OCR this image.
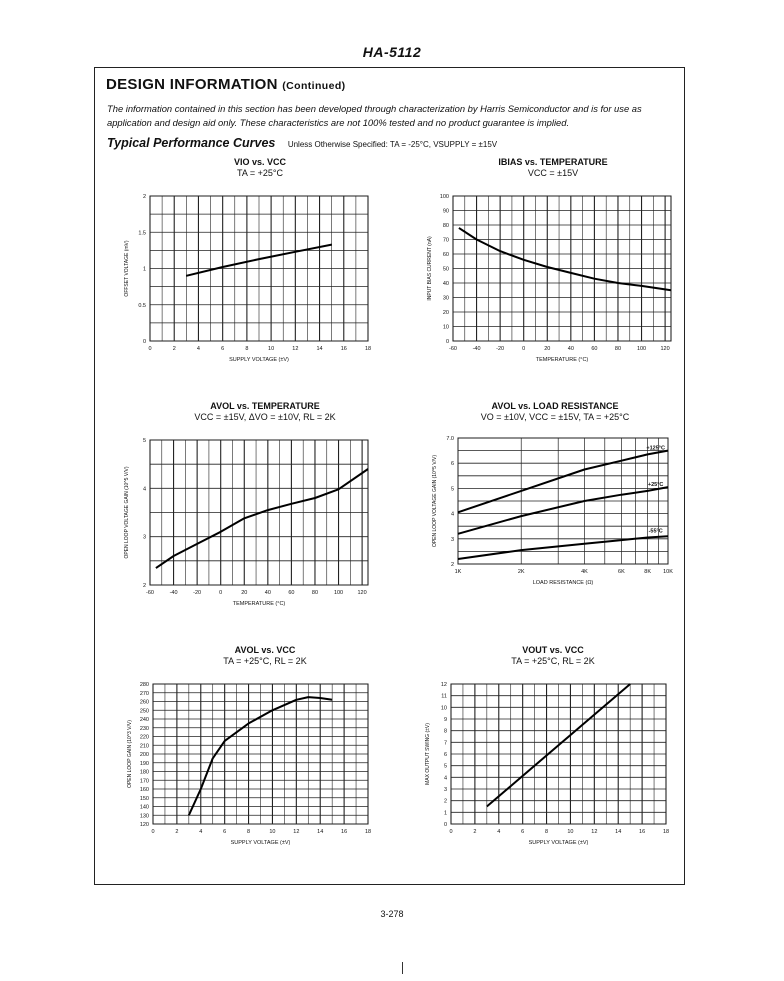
HA-5112
DESIGN INFORMATION (Continued)
The information contained in this section has been developed through characterization by Harris Semiconductor and is for use as application and design aid only. These characteristics are not 100% tested and no product guarantee is implied.
Typical Performance Curves Unless Otherwise Specified: TA = -25°C, VSUPPLY = ±15V
VIO vs. VCC
TA = +25°C
IBIAS vs. TEMPERATURE
VCC = ±15V
AVOL vs. TEMPERATURE
VCC = ±15V, ΔVO = ±10V, RL = 2K
AVOL vs. LOAD RESISTANCE
VO = ±10V, VCC = ±15V, TA = +25°C
AVOL vs. VCC
TA = +25°C, RL = 2K
VOUT vs. VCC
TA = +25°C, RL = 2K
0	2	4	6	8	10	12	14	16	18
0
0.5
1
1.5
2
SUPPLY VOLTAGE (±V)
OFFSET VOLTAGE (mV)
-60	-40	-20	0	20	40	60	80	100	120
0
10
20
30
40
50
60
70
80
90
100
TEMPERATURE (°C)
INPUT BIAS CURRENT (nA)
-60	-40	-20	0	20	40	60	80	100	120
2
3
4
5
TEMPERATURE (°C)
OPEN LOOP VOLTAGE GAIN (10^5 V/V)
1K	2K	4K	6K	8K 10K
2
3
4
5
6
7.0
LOAD RESISTANCE (Ω)
OPEN LOOP VOLTAGE GAIN (10^5 V/V)
+125°C
+25°C
-55°C
0	2	4	6	8	10	12	14	16	18
120
130
140
150
160
170
180
190
200
210
220
230
240
250
260
270
280
SUPPLY VOLTAGE (±V)
OPEN LOOP GAIN (10^3 V/V)
0	2	4	6	8	10	12	14	16	18
0
1
2
3
4
5
6
7
8
9
10
11
12
SUPPLY VOLTAGE (±V)
MAX OUTPUT SWING (±V)
3-278
